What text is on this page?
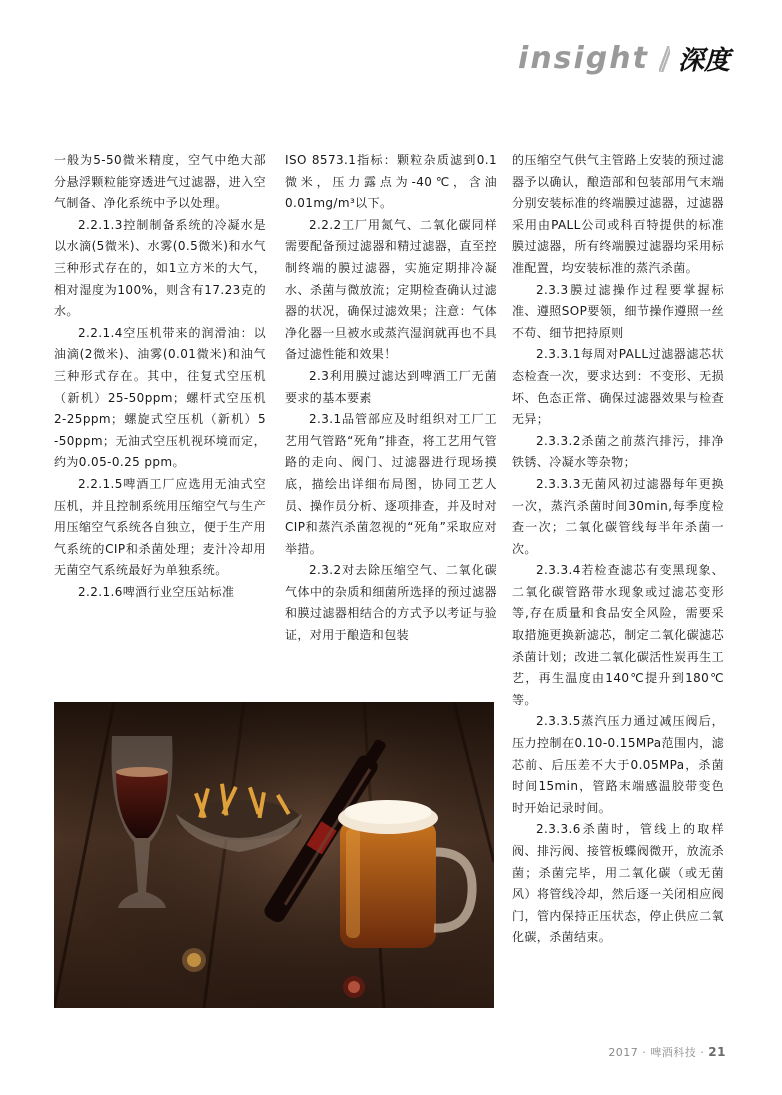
insight 深度

一般为5-50微米精度，空气中绝大部分悬浮颗粒能穿透进气过滤器，进入空气制备、净化系统中予以处理。

2.2.1.3控制制备系统的冷凝水是以水滴(5微米)、水雾(0.5微米)和水气三种形式存在的，如1立方米的大气，相对湿度为100%，则含有17.23克的水。

2.2.1.4空压机带来的润滑油：以油滴(2微米)、油雾(0.01微米)和油气三种形式存在。其中，往复式空压机（新机）25-50ppm；螺杆式空压机2-25ppm；螺旋式空压机（新机）5 -50ppm；无油式空压机视环境而定，约为0.05-0.25 ppm。

2.2.1.5啤酒工厂应选用无油式空压机，并且控制系统用压缩空气与生产用压缩空气系统各自独立，便于生产用气系统的CIP和杀菌处理；麦汁冷却用无菌空气系统最好为单独系统。

2.2.1.6啤酒行业空压站标准

ISO 8573.1指标：颗粒杂质滤到0.1微米，压力露点为-40℃，含油0.01mg/m³以下。

2.2.2工厂用氮气、二氧化碳同样需要配备预过滤器和精过滤器，直至控制终端的膜过滤器，实施定期排冷凝水、杀菌与微放流；定期检查确认过滤器的状况，确保过滤效果；注意：气体净化器一旦被水或蒸汽湿润就再也不具备过滤性能和效果！

2.3利用膜过滤达到啤酒工厂无菌要求的基本要素

2.3.1品管部应及时组织对工厂工艺用气管路“死角”排查，将工艺用气管路的走向、阀门、过滤器进行现场摸底，描绘出详细布局图，协同工艺人员、操作员分析、逐项排查，并及时对CIP和蒸汽杀菌忽视的“死角”采取应对举措。

2.3.2对去除压缩空气、二氧化碳气体中的杂质和细菌所选择的预过滤器和膜过滤器相结合的方式予以考证与验证，对用于酿造和包装

的压缩空气供气主管路上安装的预过滤器予以确认，酿造部和包装部用气末端分别安装标准的终端膜过滤器，过滤器采用由PALL公司或科百特提供的标准膜过滤器，所有终端膜过滤器均采用标准配置，均安装标准的蒸汽杀菌。

2.3.3膜过滤操作过程要掌握标准、遵照SOP要领，细节操作遵照一丝不苟、细节把持原则

2.3.3.1每周对PALL过滤器滤芯状态检查一次，要求达到：不变形、无损坏、色态正常、确保过滤器效果与检查无异；

2.3.3.2杀菌之前蒸汽排污，排净铁锈、冷凝水等杂物；

2.3.3.3无菌风初过滤器每年更换一次，蒸汽杀菌时间30min,每季度检查一次；二氧化碳管线每半年杀菌一次。

2.3.3.4若检查滤芯有变黑现象、二氧化碳管路带水现象或过滤芯变形等,存在质量和食品安全风险，需要采取措施更换新滤芯，制定二氧化碳滤芯杀菌计划；改进二氧化碳活性炭再生工艺，再生温度由140℃提升到180℃等。

2.3.3.5蒸汽压力通过减压阀后，压力控制在0.10-0.15MPa范围内，滤芯前、后压差不大于0.05MPa，杀菌时间15min，管路末端感温胶带变色时开始记录时间。

2.3.3.6杀菌时，管线上的取样阀、排污阀、接管板蝶阀微开，放流杀菌；杀菌完毕，用二氧化碳（或无菌风）将管线冷却，然后逐一关闭相应阀门，管内保持正压状态，停止供应二氧化碳，杀菌结束。

2017 · 啤酒科技 · 21
